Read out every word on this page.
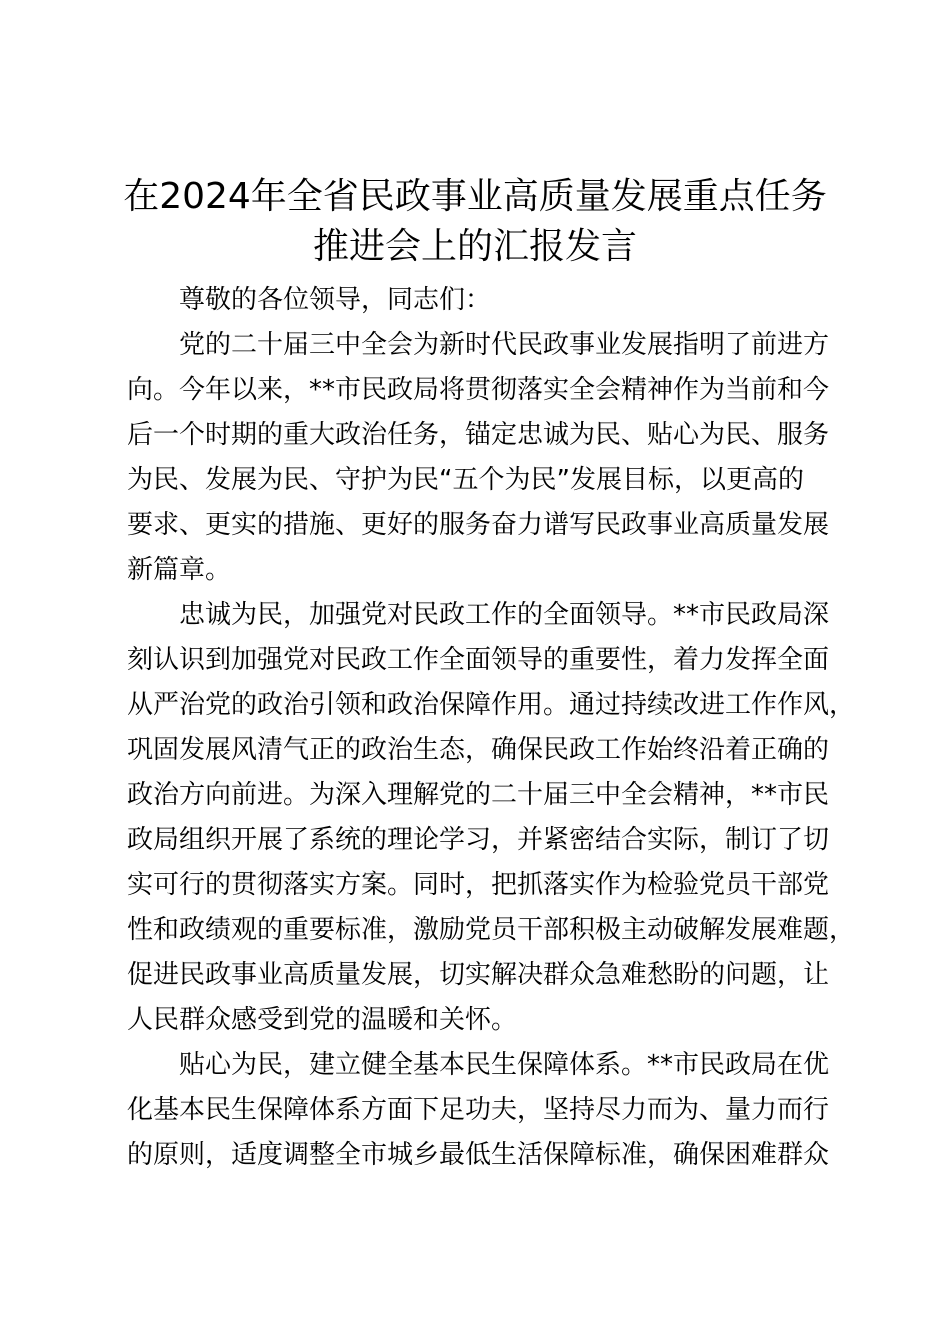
在2024年全省民政事业高质量发展重点任务
推进会上的汇报发言

尊敬的各位领导，同志们：

党的二十届三中全会为新时代民政事业发展指明了前进方
向。今年以来，**市民政局将贯彻落实全会精神作为当前和今
后一个时期的重大政治任务，锚定忠诚为民、贴心为民、服务
为民、发展为民、守护为民“五个为民”发展目标，以更高的
要求、更实的措施、更好的服务奋力谱写民政事业高质量发展
新篇章。

忠诚为民，加强党对民政工作的全面领导。**市民政局深
刻认识到加强党对民政工作全面领导的重要性，着力发挥全面
从严治党的政治引领和政治保障作用。通过持续改进工作作风，
巩固发展风清气正的政治生态，确保民政工作始终沿着正确的
政治方向前进。为深入理解党的二十届三中全会精神，**市民
政局组织开展了系统的理论学习，并紧密结合实际，制订了切
实可行的贯彻落实方案。同时，把抓落实作为检验党员干部党
性和政绩观的重要标准，激励党员干部积极主动破解发展难题，
促进民政事业高质量发展，切实解决群众急难愁盼的问题，让
人民群众感受到党的温暖和关怀。

贴心为民，建立健全基本民生保障体系。**市民政局在优
化基本民生保障体系方面下足功夫，坚持尽力而为、量力而行
的原则，适度调整全市城乡最低生活保障标准，确保困难群众
